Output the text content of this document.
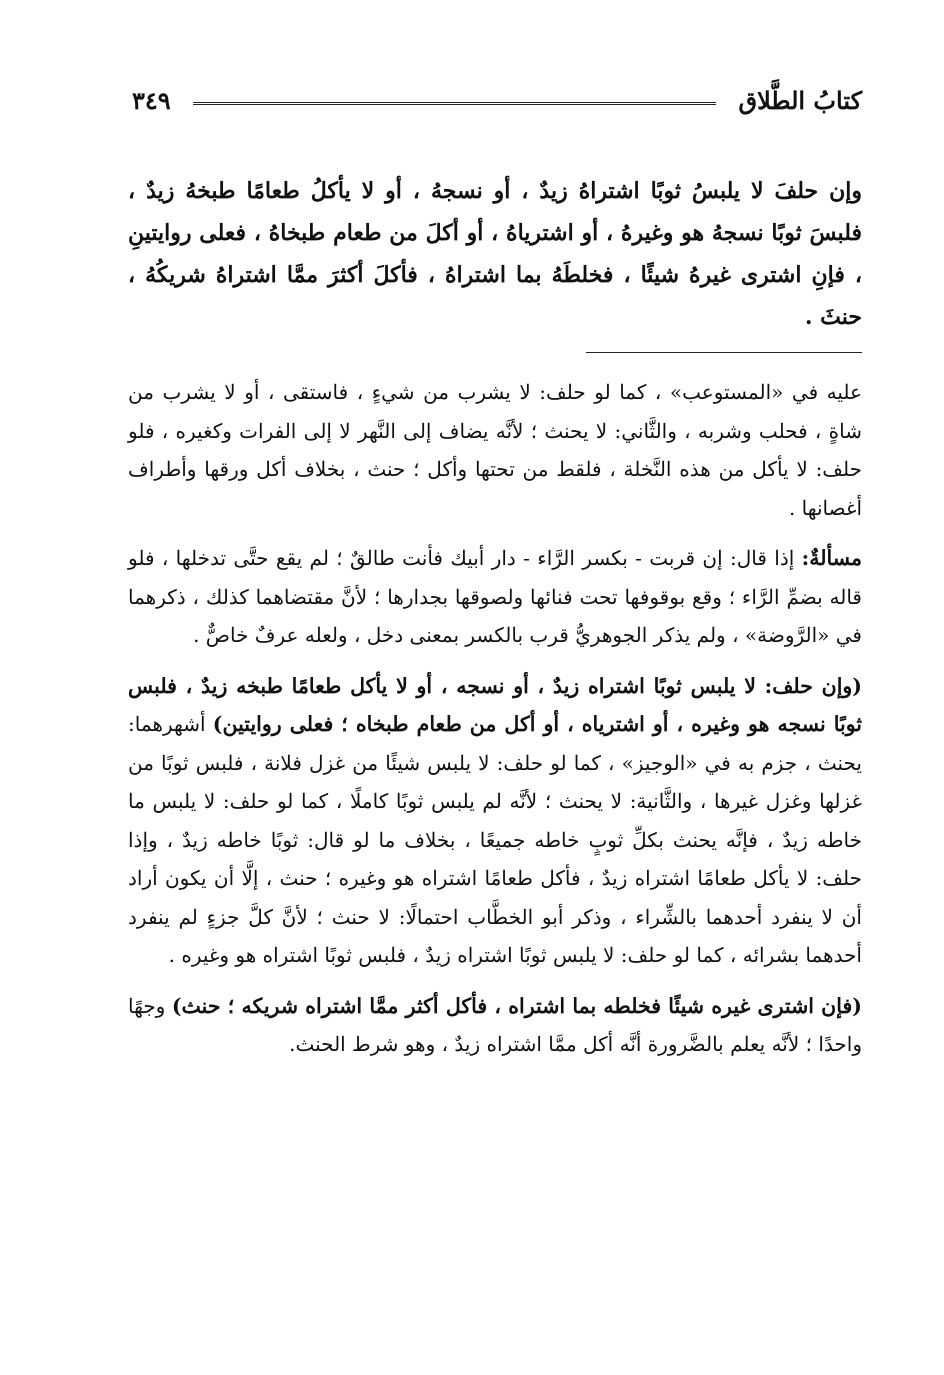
كتابُ الطَّلاق
٣٤٩
وإن حلفَ لا يلبسُ ثوبًا اشتراهُ زيدٌ ، أو نسجهُ ، أو لا يأكلُ طعامًا طبخهُ زيدٌ ، فلبسَ ثوبًا نسجهُ هو وغيرهُ ، أو اشترياهُ ، أو أكلَ من طعام طبخاهُ ، فعلى روايتينِ ، فإنِ اشترى غيرهُ شيئًا ، فخلطَهُ بما اشتراهُ ، فأكلَ أكثرَ ممَّا اشتراهُ شريكُهُ ، حنثَ .

عليه في «المستوعب» ، كما لو حلف: لا يشرب من شيءٍ ، فاستقى ، أو لا يشرب من شاةٍ ، فحلب وشربه ، والثَّاني: لا يحنث ؛ لأنَّه يضاف إلى النَّهر لا إلى الفرات وكغيره ، فلو حلف: لا يأكل من هذه النَّخلة ، فلقط من تحتها وأكل ؛ حنث ، بخلاف أكل ورقها وأطراف أغصانها .

مسألةٌ: إذا قال: إن قربت - بكسر الرَّاء - دار أبيك فأنت طالقٌ ؛ لم يقع حتَّى تدخلها ، فلو قاله بضمِّ الرَّاء ؛ وقع بوقوفها تحت فنائها ولصوقها بجدارها ؛ لأنَّ مقتضاهما كذلك ، ذكرهما في «الرَّوضة» ، ولم يذكر الجوهريُّ قرب بالكسر بمعنى دخل ، ولعله عرفٌ خاصٌّ .

(وإن حلف: لا يلبس ثوبًا اشتراه زيدٌ ، أو نسجه ، أو لا يأكل طعامًا طبخه زيدٌ ، فلبس ثوبًا نسجه هو وغيره ، أو اشترياه ، أو أكل من طعام طبخاه ؛ فعلى روايتين) أشهرهما: يحنث ، جزم به في «الوجيز» ، كما لو حلف: لا يلبس شيئًا من غزل فلانة ، فلبس ثوبًا من غزلها وغزل غيرها ، والثَّانية: لا يحنث ؛ لأنَّه لم يلبس ثوبًا كاملًا ، كما لو حلف: لا يلبس ما خاطه زيدٌ ، فإنَّه يحنث بكلِّ ثوبٍ خاطه جميعًا ، بخلاف ما لو قال: ثوبًا خاطه زيدٌ ، وإذا حلف: لا يأكل طعامًا اشتراه زيدٌ ، فأكل طعامًا اشتراه هو وغيره ؛ حنث ، إلَّا أن يكون أراد أن لا ينفرد أحدهما بالشِّراء ، وذكر أبو الخطَّاب احتمالًا: لا حنث ؛ لأنَّ كلَّ جزءٍ لم ينفرد أحدهما بشرائه ، كما لو حلف: لا يلبس ثوبًا اشتراه زيدٌ ، فلبس ثوبًا اشتراه هو وغيره .

(فإن اشترى غيره شيئًا فخلطه بما اشتراه ، فأكل أكثر ممَّا اشتراه شريكه ؛ حنث) وجهًا واحدًا ؛ لأنَّه يعلم بالضَّرورة أنَّه أكل ممَّا اشتراه زيدٌ ، وهو شرط الحنث.
